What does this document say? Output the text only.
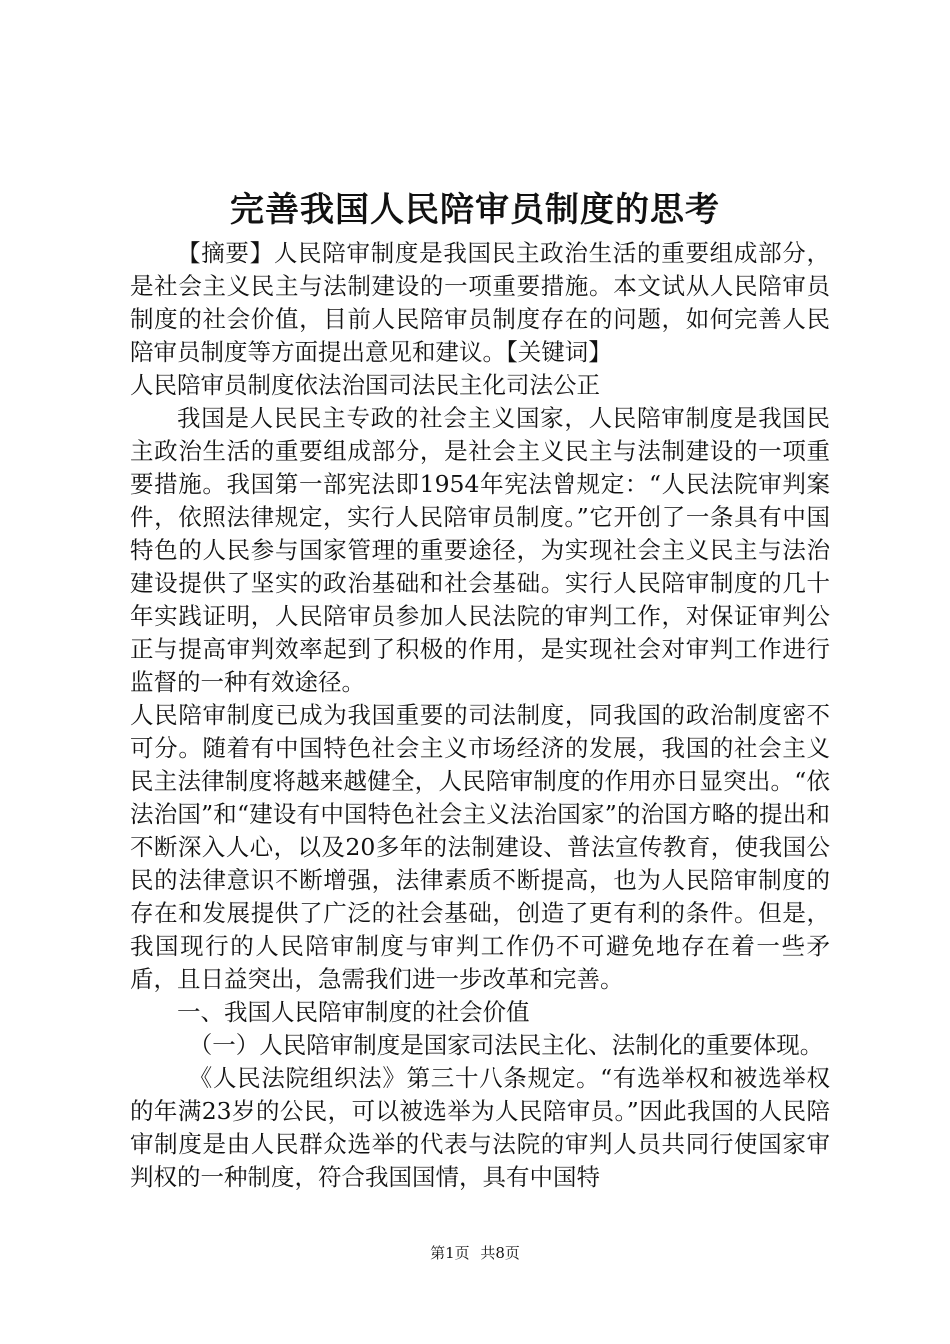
完善我国人民陪审员制度的思考

【摘要】人民陪审制度是我国民主政治生活的重要组成部分，是社会主义民主与法制建设的一项重要措施。本文试从人民陪审员制度的社会价值，目前人民陪审员制度存在的问题，如何完善人民陪审员制度等方面提出意见和建议。【关键词】

人民陪审员制度依法治国司法民主化司法公正

我国是人民民主专政的社会主义国家，人民陪审制度是我国民主政治生活的重要组成部分，是社会主义民主与法制建设的一项重要措施。我国第一部宪法即1954年宪法曾规定：“人民法院审判案件，依照法律规定，实行人民陪审员制度。”它开创了一条具有中国特色的人民参与国家管理的重要途径，为实现社会主义民主与法治建设提供了坚实的政治基础和社会基础。实行人民陪审制度的几十年实践证明，人民陪审员参加人民法院的审判工作，对保证审判公正与提高审判效率起到了积极的作用，是实现社会对审判工作进行监督的一种有效途径。

人民陪审制度已成为我国重要的司法制度，同我国的政治制度密不可分。随着有中国特色社会主义市场经济的发展，我国的社会主义民主法律制度将越来越健全，人民陪审制度的作用亦日显突出。“依法治国”和“建设有中国特色社会主义法治国家”的治国方略的提出和不断深入人心，以及20多年的法制建设、普法宣传教育，使我国公民的法律意识不断增强，法律素质不断提高，也为人民陪审制度的存在和发展提供了广泛的社会基础，创造了更有利的条件。但是，我国现行的人民陪审制度与审判工作仍不可避免地存在着一些矛盾，且日益突出，急需我们进一步改革和完善。

一、我国人民陪审制度的社会价值

（一）人民陪审制度是国家司法民主化、法制化的重要体现。

《人民法院组织法》第三十八条规定。“有选举权和被选举权的年满23岁的公民，可以被选举为人民陪审员。”因此我国的人民陪审制度是由人民群众选举的代表与法院的审判人员共同行使国家审判权的一种制度，符合我国国情，具有中国特

第1页 共8页
